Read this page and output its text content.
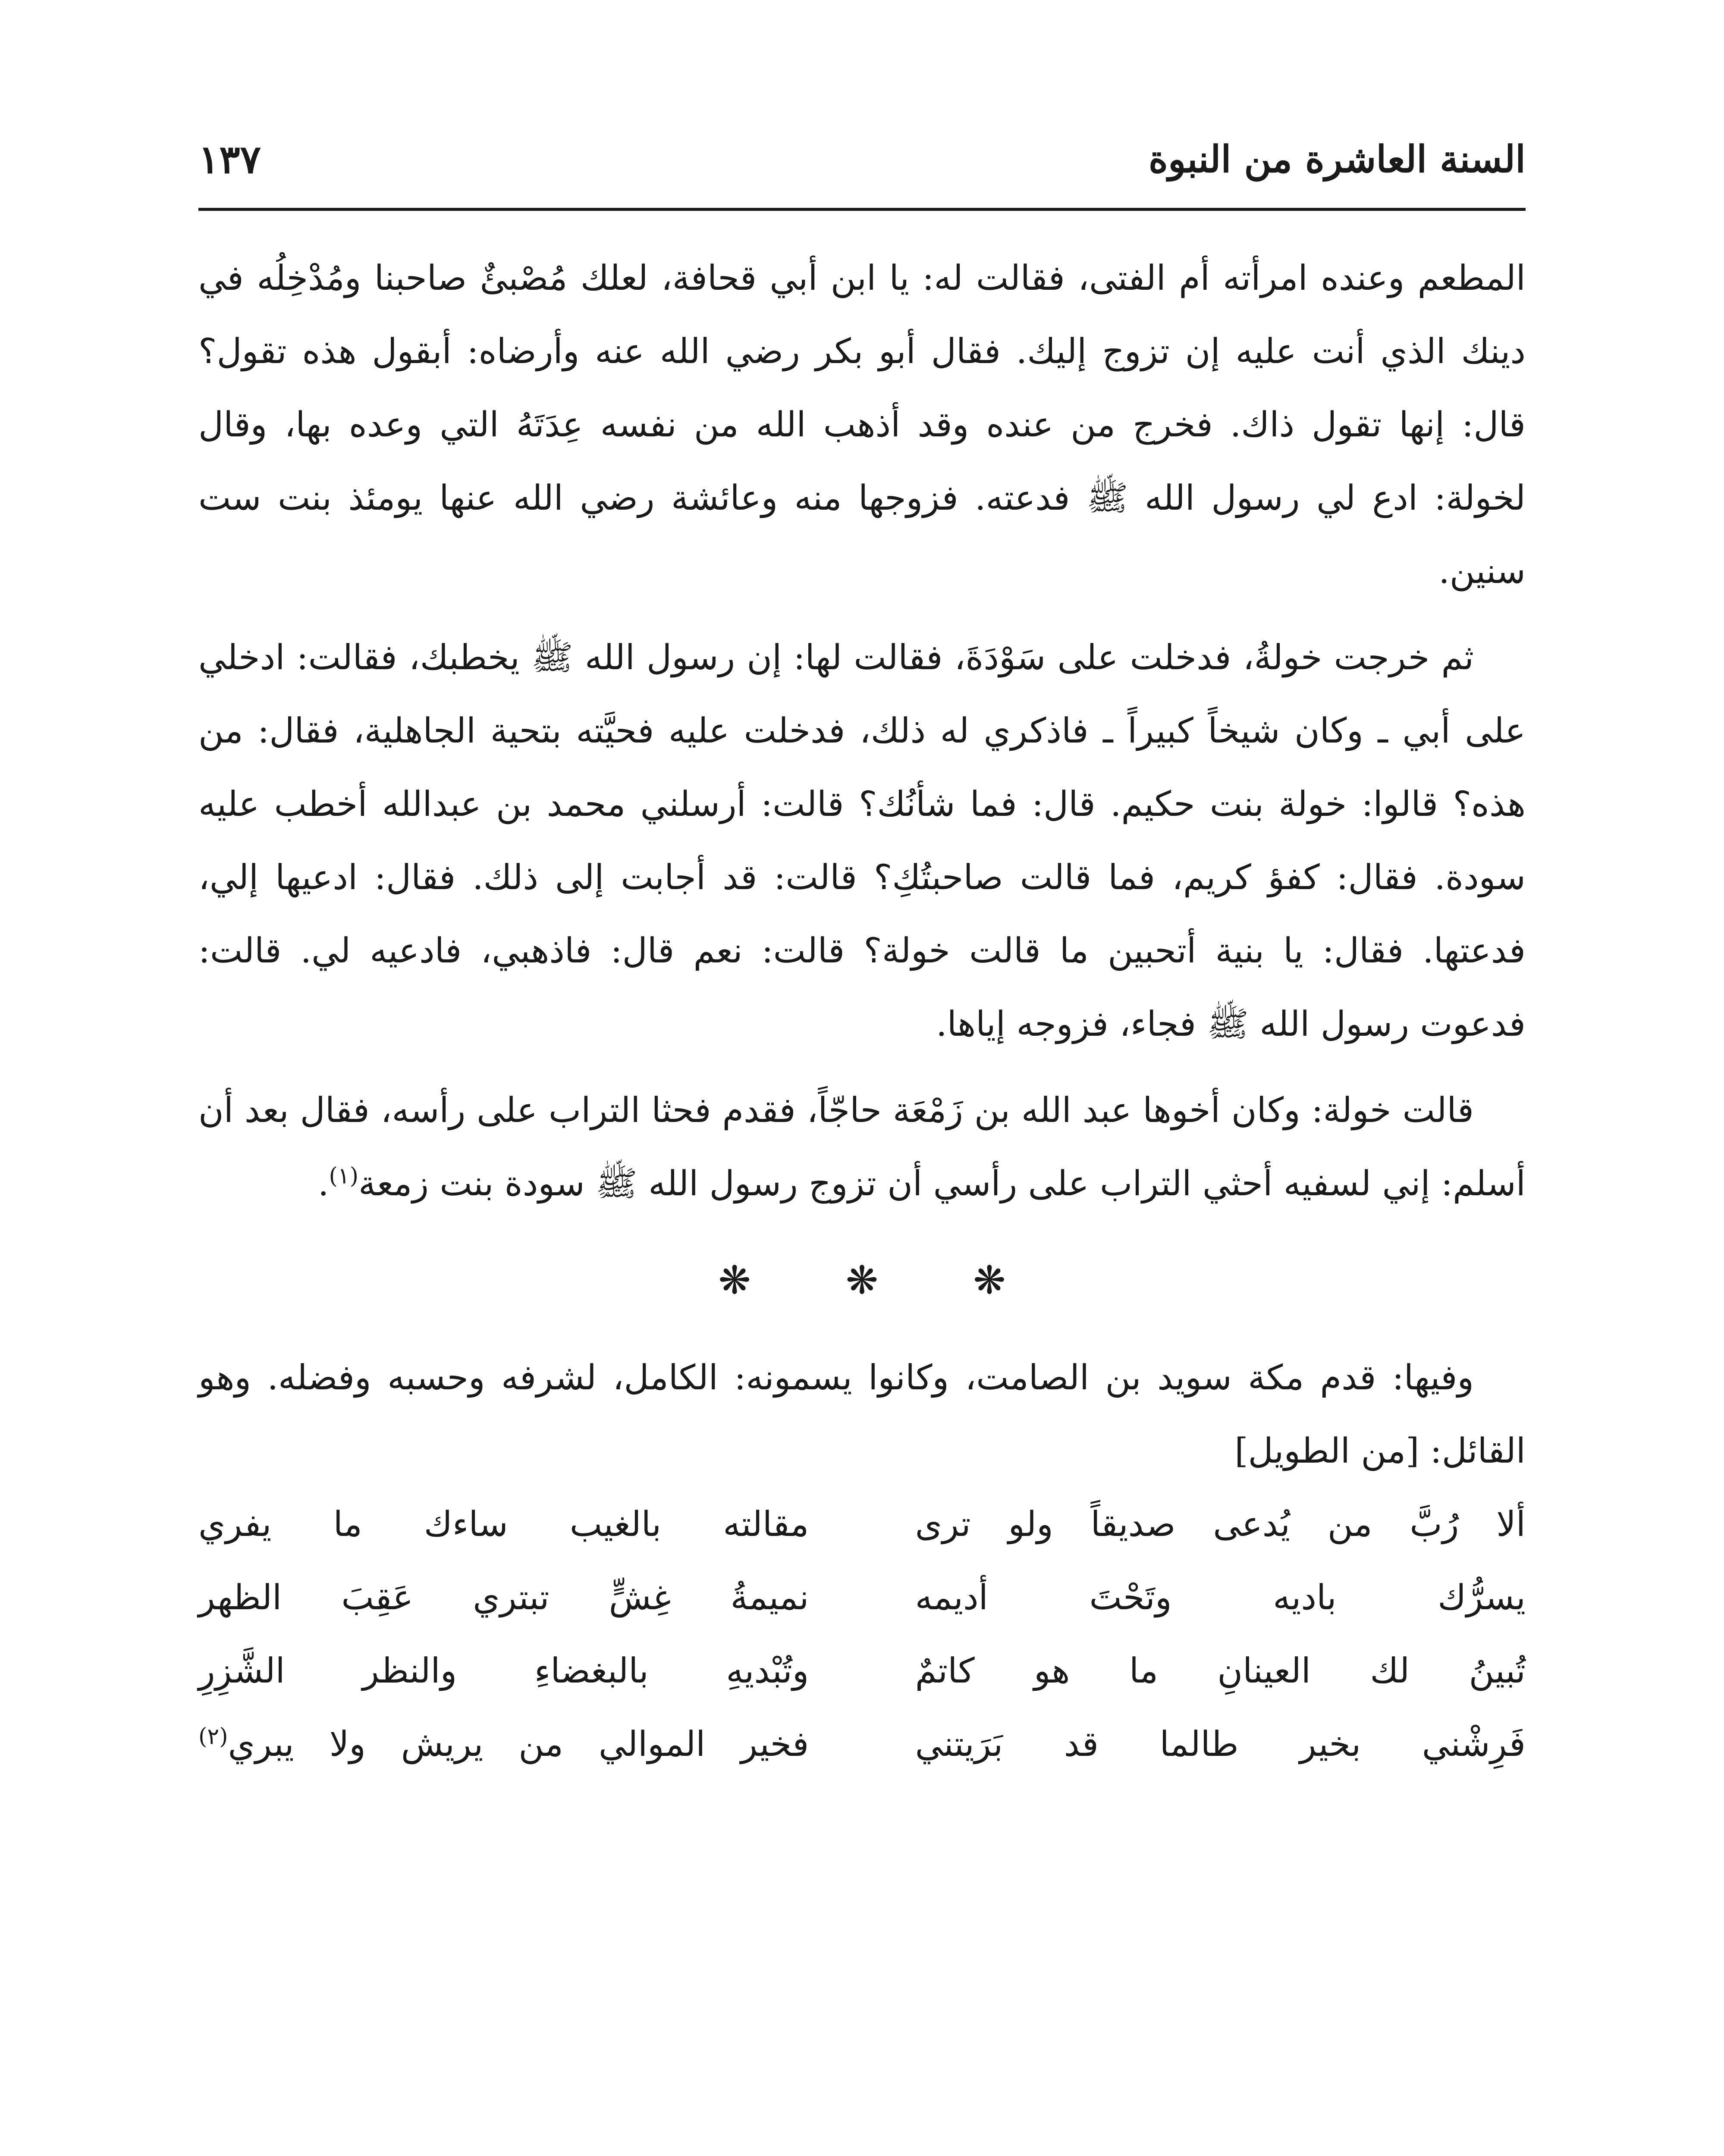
السنة العاشرة من النبوة
١٣٧

المطعم وعنده امرأته أم الفتى، فقالت له: يا ابن أبي قحافة، لعلك مُصْبئٌ صاحبنا ومُدْخِلُه في دينك الذي أنت عليه إن تزوج إليك. فقال أبو بكر رضي الله عنه وأرضاه: أبقول هذه تقول؟ قال: إنها تقول ذاك. فخرج من عنده وقد أذهب الله من نفسه عِدَتَهُ التي وعده بها، وقال لخولة: ادع لي رسول الله ﷺ فدعته. فزوجها منه وعائشة رضي الله عنها يومئذ بنت ست سنين.

ثم خرجت خولةُ، فدخلت على سَوْدَةَ، فقالت لها: إن رسول الله ﷺ يخطبك، فقالت: ادخلي على أبي ـ وكان شيخاً كبيراً ـ فاذكري له ذلك، فدخلت عليه فحيَّته بتحية الجاهلية، فقال: من هذه؟ قالوا: خولة بنت حكيم. قال: فما شأنُك؟ قالت: أرسلني محمد بن عبدالله أخطب عليه سودة. فقال: كفؤ كريم، فما قالت صاحبتُكِ؟ قالت: قد أجابت إلى ذلك. فقال: ادعيها إلي، فدعتها. فقال: يا بنية أتحبين ما قالت خولة؟ قالت: نعم قال: فاذهبي، فادعيه لي. قالت: فدعوت رسول الله ﷺ فجاء، فزوجه إياها.

قالت خولة: وكان أخوها عبد الله بن زَمْعَة حاجّاً، فقدم فحثا التراب على رأسه، فقال بعد أن أسلم: إني لسفيه أحثي التراب على رأسي أن تزوج رسول الله ﷺ سودة بنت زمعة$^{(١)}$.

❋❋❋

وفيها: قدم مكة سويد بن الصامت، وكانوا يسمونه: الكامل، لشرفه وحسبه وفضله. وهو القائل: [من الطويل]

ألا رُبَّ من يُدعى صديقاً ولو ترى
مقالته بالغيب ساءك ما يفري
يسرُّك باديه وتَحْتَ أديمه
نميمةُ غِشٍّ تبتري عَقِبَ الظهر
تُبينُ لك العينانِ ما هو كاتمٌ
وتُبْديهِ بالبغضاءِ والنظر الشَّزِرِ
فَرِشْني بخير طالما قد بَرَيتني
فخير الموالي من يريش ولا يبري$^{(٢)}$
